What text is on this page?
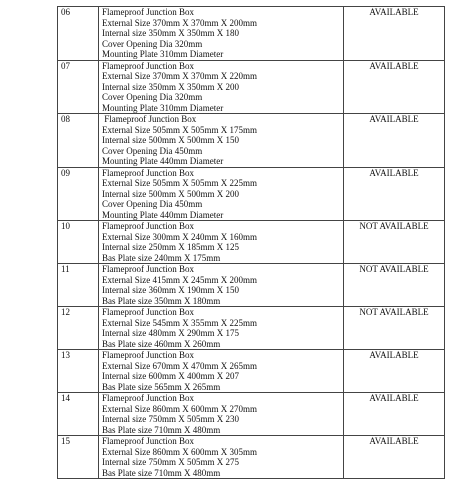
06	Flameproof Junction Box
External Size 370mm X 370mm X 200mm
Internal size 350mm X 350mm X 180
Cover Opening Dia 320mm
Mounting Plate 310mm Diameter	AVAILABLE
07	Flameproof Junction Box
External Size 370mm X 370mm X 220mm
Internal size 350mm X 350mm X 200
Cover Opening Dia 320mm
Mounting Plate 310mm Diameter	AVAILABLE
08	Flameproof Junction Box
External Size 505mm X 505mm X 175mm
Internal size 500mm X 500mm X 150
Cover Opening Dia 450mm
Mounting Plate 440mm Diameter	AVAILABLE
09	Flameproof Junction Box
External Size 505mm X 505mm X 225mm
Internal size 500mm X 500mm X 200
Cover Opening Dia 450mm
Mounting Plate 440mm Diameter	AVAILABLE
10	Flameproof Junction Box
External Size 300mm X 240mm X 160mm
Internal size 250mm X 185mm X 125
Bas Plate size 240mm X 175mm	NOT AVAILABLE
11	Flameproof Junction Box
External Size 415mm X 245mm X 200mm
Internal size 360mm X 190mm X 150
Bas Plate size 350mm X 180mm	NOT AVAILABLE
12	Flameproof Junction Box
External Size 545mm X 355mm X 225mm
Internal size 480mm X 290mm X 175
Bas Plate size 460mm X 260mm	NOT AVAILABLE
13	Flameproof Junction Box
External Size 670mm X 470mm X 265mm
Internal size 600mm X 400mm X 207
Bas Plate size 565mm X 265mm	AVAILABLE
14	Flameproof Junction Box
External Size 860mm X 600mm X 270mm
Internal size 750mm X 505mm X 230
Bas Plate size 710mm X 480mm	AVAILABLE
15	Flameproof Junction Box
External Size 860mm X 600mm X 305mm
Internal size 750mm X 505mm X 275
Bas Plate size 710mm X 480mm	AVAILABLE
